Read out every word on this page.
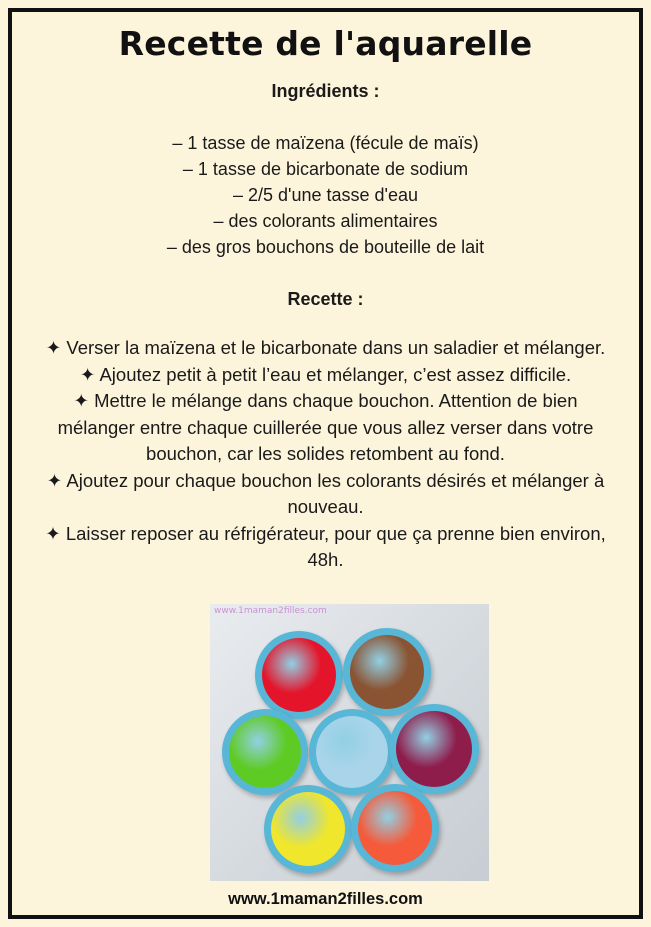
Recette de l'aquarelle
Ingrédients :
– 1 tasse de maïzena (fécule de maïs)
– 1 tasse de bicarbonate de sodium
– 2/5 d'une tasse d'eau
– des colorants alimentaires
– des gros bouchons de bouteille de lait
Recette :
✦ Verser la maïzena et le bicarbonate dans un saladier et mélanger.
✦ Ajoutez petit à petit l’eau et mélanger, c’est assez difficile.
✦ Mettre le mélange dans chaque bouchon. Attention de bien mélanger entre chaque cuillerée que vous allez verser dans votre bouchon, car les solides retombent au fond.
✦ Ajoutez pour chaque bouchon les colorants désirés et mélanger à nouveau.
✦ Laisser reposer au réfrigérateur, pour que ça prenne bien environ, 48h.
www.1maman2filles.com
www.1maman2filles.com
